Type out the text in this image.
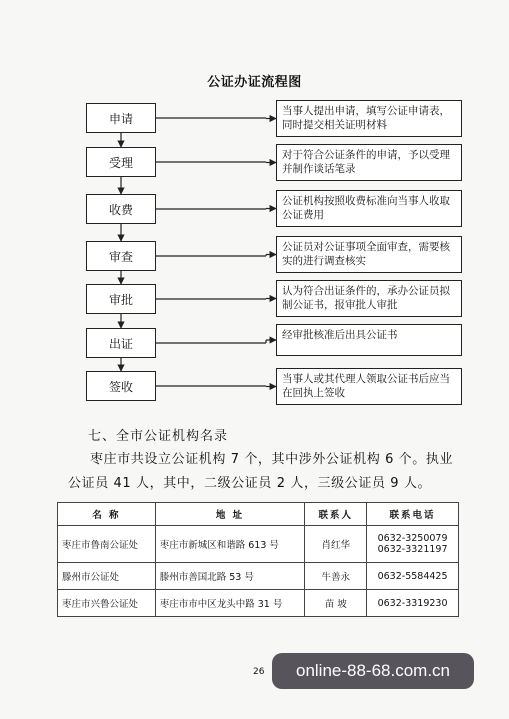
公证办证流程图
申请
受理
收费
审查
审批
出证
签收
当事人提出申请，填写公证申请表，同时提交相关证明材料
对于符合公证条件的申请，予以受理并制作谈话笔录
公证机构按照收费标准向当事人收取公证费用
公证员对公证事项全面审查，需要核实的进行调查核实
认为符合出证条件的，承办公证员拟制公证书，报审批人审批
经审批核准后出具公证书
当事人或其代理人领取公证书后应当在回执上签收
七、全市公证机构名录
枣庄市共设立公证机构 7 个，其中涉外公证机构 6 个。执业
公证员 41 人，其中，二级公证员 2 人，三级公证员 9 人。
名 称	地 址	联系人	联系电话
枣庄市鲁南公证处	枣庄市新城区和谐路 613 号	肖红华	0632-3250079
0632-3321197

滕州市公证处	滕州市善国北路 53 号	牛善永	0632-5584425
枣庄市兴鲁公证处	枣庄市市中区龙头中路 31 号	苗 坡	0632-3319230
26	online-88-68.com.cn
